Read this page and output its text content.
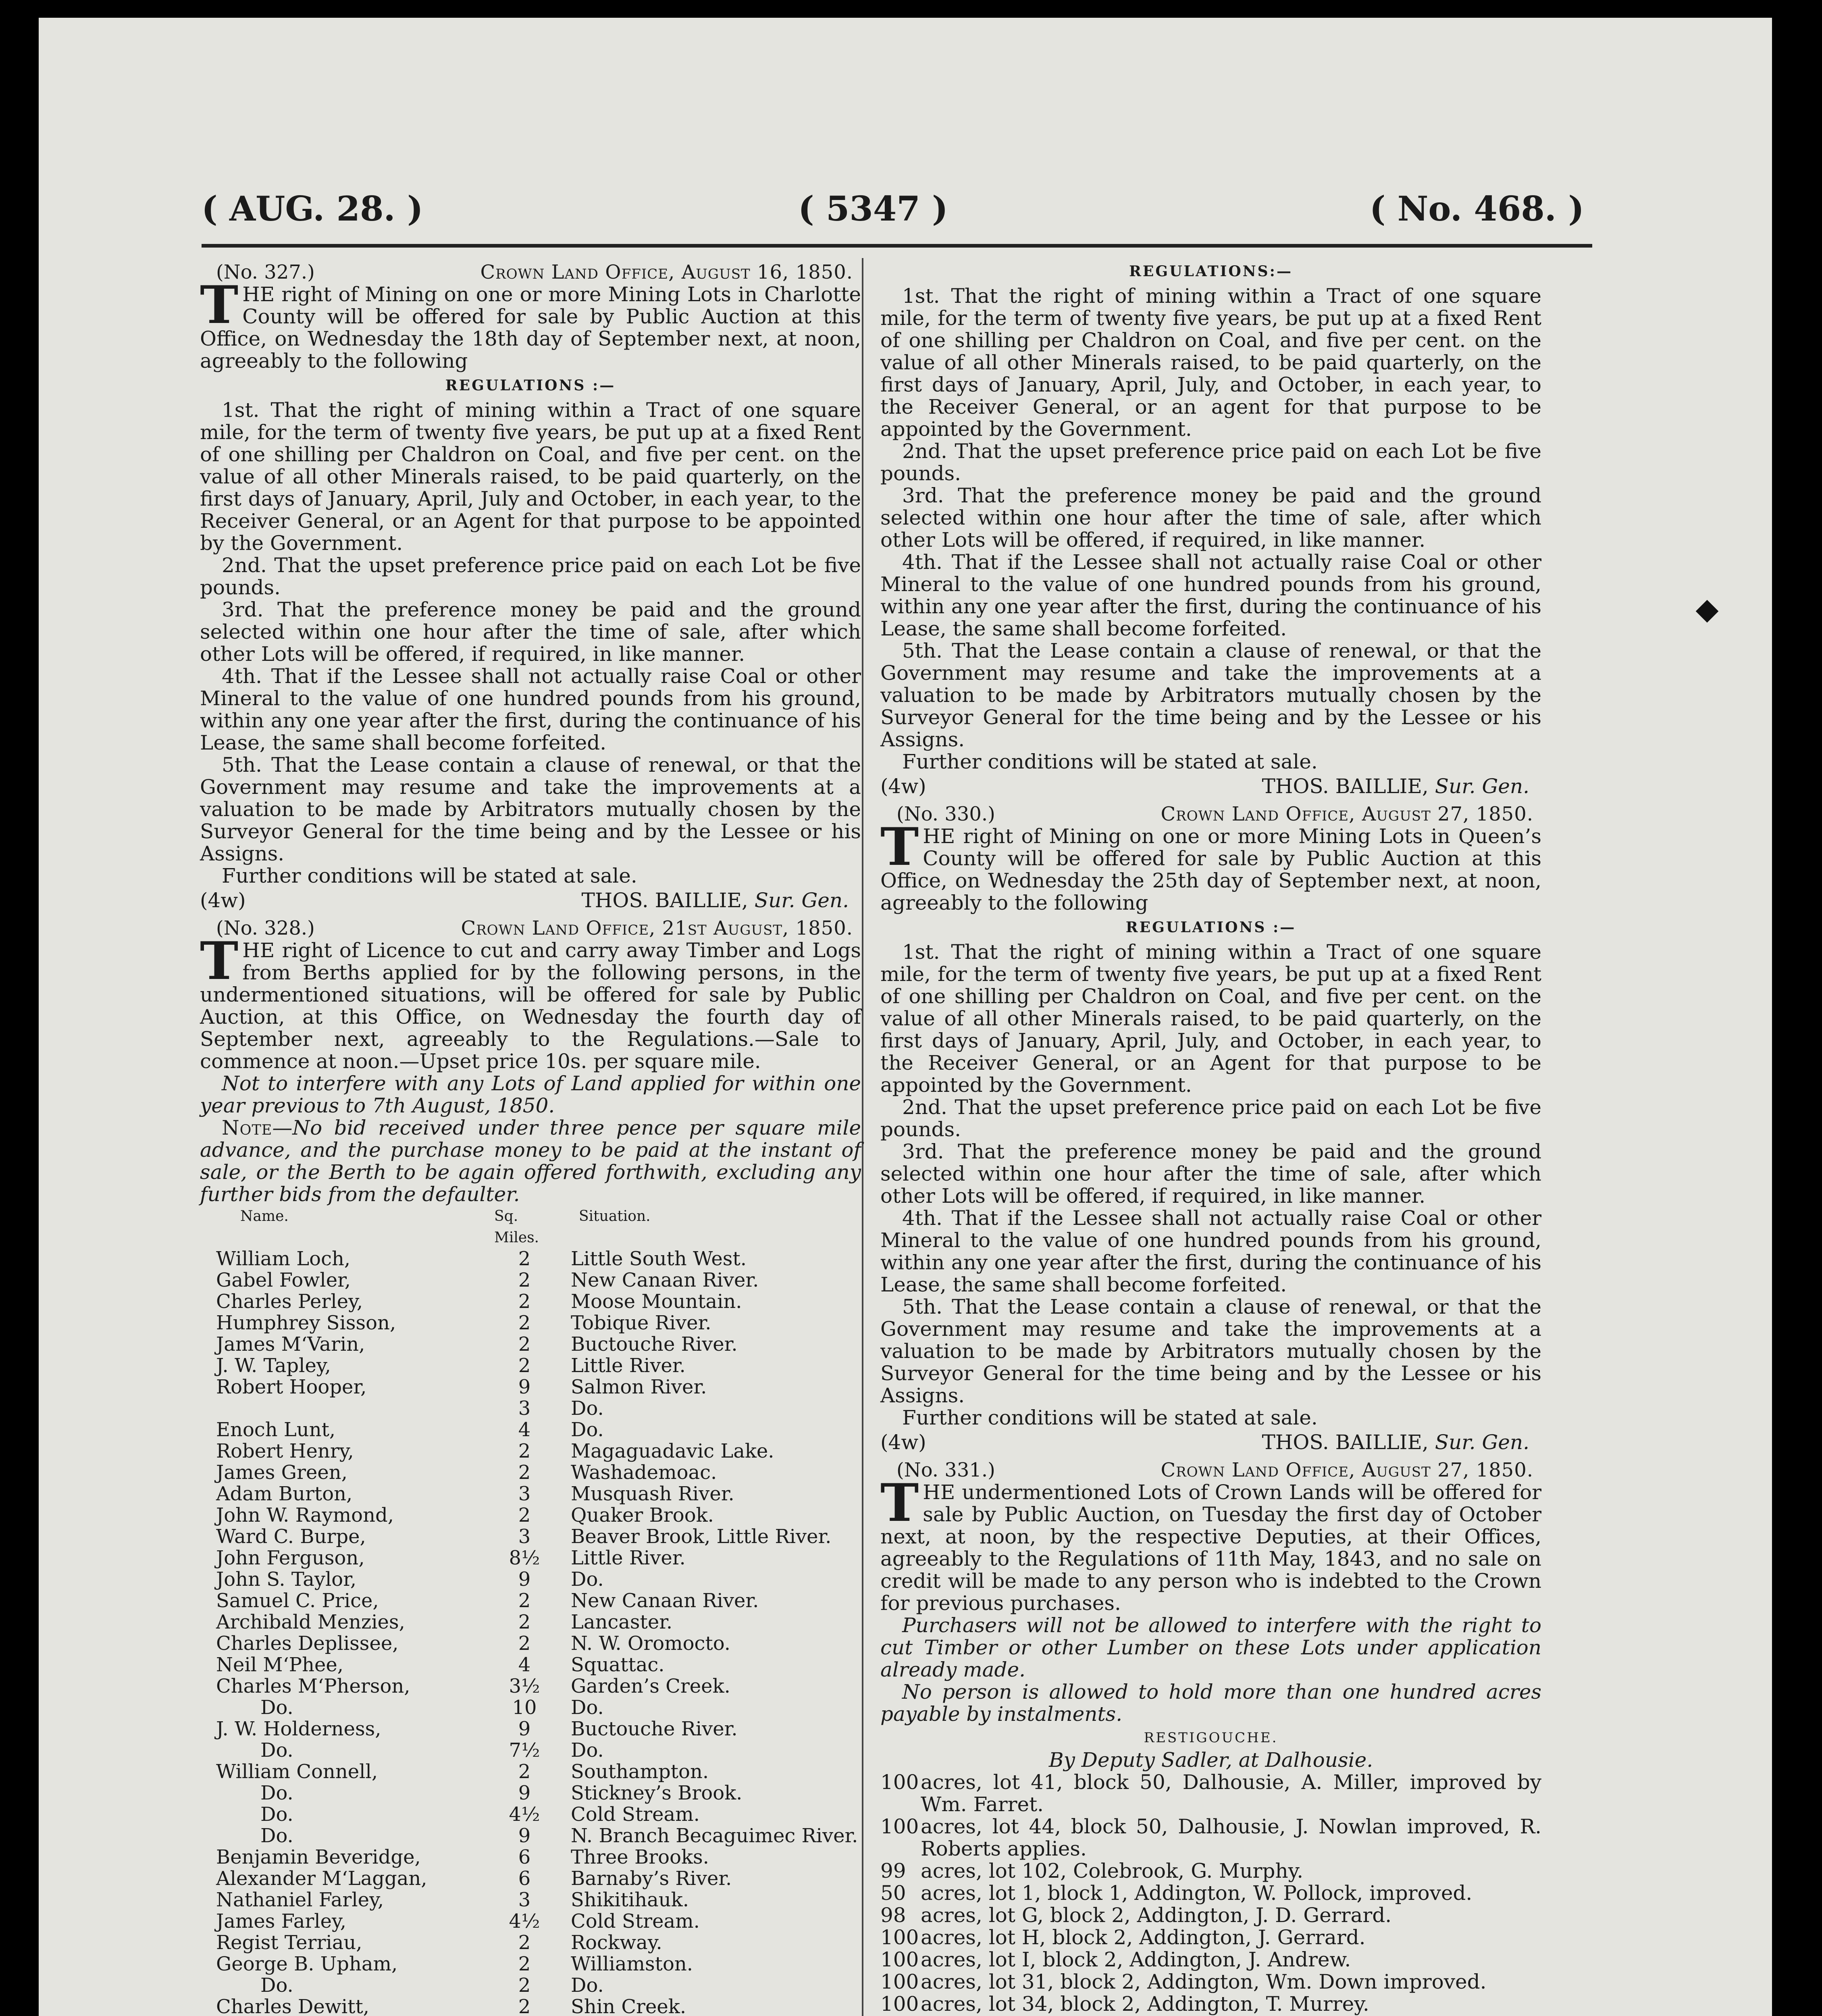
( AUG. 28. )	( 5347 )	( No. 468. )
(No. 327.)	Crown Land Office, August 16, 1850.

THE right of Mining on one or more Mining Lots in Charlotte County will be offered for sale by Public Auction at this Office, on Wednesday the 18th day of September next, at noon, agreeably to the following

REGULATIONS :—

1st. That the right of mining within a Tract of one square mile, for the term of twenty five years, be put up at a fixed Rent of one shilling per Chaldron on Coal, and five per cent. on the value of all other Minerals raised, to be paid quarterly, on the first days of January, April, July and October, in each year, to the Receiver General, or an Agent for that purpose to be appointed by the Government.

2nd. That the upset preference price paid on each Lot be five pounds.

3rd. That the preference money be paid and the ground selected within one hour after the time of sale, after which other Lots will be offered, if required, in like manner.

4th. That if the Lessee shall not actually raise Coal or other Mineral to the value of one hundred pounds from his ground, within any one year after the first, during the continuance of his Lease, the same shall become forfeited.

5th. That the Lease contain a clause of renewal, or that the Government may resume and take the improvements at a valuation to be made by Arbitrators mutually chosen by the Surveyor General for the time being and by the Lessee or his Assigns.

Further conditions will be stated at sale.

(4w)	THOS. BAILLIE, Sur. Gen.
(No. 328.)	Crown Land Office, 21st August, 1850.

THE right of Licence to cut and carry away Timber and Logs from Berths applied for by the following persons, in the undermentioned situations, will be offered for sale by Public Auction, at this Office, on Wednesday the fourth day of September next, agreeably to the Regulations.—Sale to commence at noon.—Upset price 10s. per square mile.

Not to interfere with any Lots of Land applied for within one year previous to 7th August, 1850.

Note—No bid received under three pence per square mile advance, and the purchase money to be paid at the instant of sale, or the Berth to be again offered forthwith, excluding any further bids from the defaulter.

Name.	Sq. Miles.	Situation.
William Loch,	2	Little South West.
Gabel Fowler,	2	New Canaan River.
Charles Perley,	2	Moose Mountain.
Humphrey Sisson,	2	Tobique River.
James M‘Varin,	2	Buctouche River.
J. W. Tapley,	2	Little River.
Robert Hooper,	9	Salmon River.
	3	Do.
Enoch Lunt,	4	Do.
Robert Henry,	2	Magaguadavic Lake.
James Green,	2	Washademoac.
Adam Burton,	3	Musquash River.
John W. Raymond,	2	Quaker Brook.
Ward C. Burpe,	3	Beaver Brook, Little River.
John Ferguson,	8½	Little River.
John S. Taylor,	9	Do.
Samuel C. Price,	2	New Canaan River.
Archibald Menzies,	2	Lancaster.
Charles Deplissee,	2	N. W. Oromocto.
Neil M‘Phee,	4	Squattac.
Charles M‘Pherson,	3½	Garden’s Creek.
Do.	10	Do.
J. W. Holderness,	9	Buctouche River.
Do.	7½	Do.
William Connell,	2	Southampton.
Do.	9	Stickney’s Brook.
Do.	4½	Cold Stream.
Do.	9	N. Branch Becaguimec River.
Benjamin Beveridge,	6	Three Brooks.
Alexander M‘Laggan,	6	Barnaby’s River.
Nathaniel Farley,	3	Shikitihauk.
James Farley,	4½	Cold Stream.
Regist Terriau,	2	Rockway.
George B. Upham,	2	Williamston.
Do.	2	Do.
Charles Dewitt,	2	Shin Creek.

REGULATIONS:—

1st. That the right of mining within a Tract of one square mile, for the term of twenty five years, be put up at a fixed Rent of one shilling per Chaldron on Coal, and five per cent. on the value of all other Minerals raised, to be paid quarterly, on the first days of January, April, July, and October, in each year, to the Receiver General, or an agent for that purpose to be appointed by the Government.

2nd. That the upset preference price paid on each Lot be five pounds.

3rd. That the preference money be paid and the ground selected within one hour after the time of sale, after which other Lots will be offered, if required, in like manner.

4th. That if the Lessee shall not actually raise Coal or other Mineral to the value of one hundred pounds from his ground, within any one year after the first, during the continuance of his Lease, the same shall become forfeited.

5th. That the Lease contain a clause of renewal, or that the Government may resume and take the improvements at a valuation to be made by Arbitrators mutually chosen by the Surveyor General for the time being and by the Lessee or his Assigns.

Further conditions will be stated at sale.

(4w)	THOS. BAILLIE, Sur. Gen.
(No. 330.)	Crown Land Office, August 27, 1850.

THE right of Mining on one or more Mining Lots in Queen’s County will be offered for sale by Public Auction at this Office, on Wednesday the 25th day of September next, at noon, agreeably to the following

REGULATIONS :—

1st. That the right of mining within a Tract of one square mile, for the term of twenty five years, be put up at a fixed Rent of one shilling per Chaldron on Coal, and five per cent. on the value of all other Minerals raised, to be paid quarterly, on the first days of January, April, July, and October, in each year, to the Receiver General, or an Agent for that purpose to be appointed by the Government.

2nd. That the upset preference price paid on each Lot be five pounds.

3rd. That the preference money be paid and the ground selected within one hour after the time of sale, after which other Lots will be offered, if required, in like manner.

4th. That if the Lessee shall not actually raise Coal or other Mineral to the value of one hundred pounds from his ground, within any one year after the first, during the continuance of his Lease, the same shall become forfeited.

5th. That the Lease contain a clause of renewal, or that the Government may resume and take the improvements at a valuation to be made by Arbitrators mutually chosen by the Surveyor General for the time being and by the Lessee or his Assigns.

Further conditions will be stated at sale.

(4w)	THOS. BAILLIE, Sur. Gen.
(No. 331.)	Crown Land Office, August 27, 1850.

THE undermentioned Lots of Crown Lands will be offered for sale by Public Auction, on Tuesday the first day of October next, at noon, by the respective Deputies, at their Offices, agreeably to the Regulations of 11th May, 1843, and no sale on credit will be made to any person who is indebted to the Crown for previous purchases.

Purchasers will not be allowed to interfere with the right to cut Timber or other Lumber on these Lots under application already made.

No person is allowed to hold more than one hundred acres payable by instalments.

RESTIGOUCHE.
By Deputy Sadler, at Dalhousie.
100acres, lot 41, block 50, Dalhousie, A. Miller, improved by Wm. Farret.
100acres, lot 44, block 50, Dalhousie, J. Nowlan improved, R. Roberts applies.
99 acres, lot 102, Colebrook, G. Murphy.
50 acres, lot 1, block 1, Addington, W. Pollock, improved.
98 acres, lot G, block 2, Addington, J. D. Gerrard.
100acres, lot H, block 2, Addington, J. Gerrard.
100acres, lot I, block 2, Addington, J. Andrew.
100acres, lot 31, block 2, Addington, Wm. Down improved.
100acres, lot 34, block 2, Addington, T. Murrey.
